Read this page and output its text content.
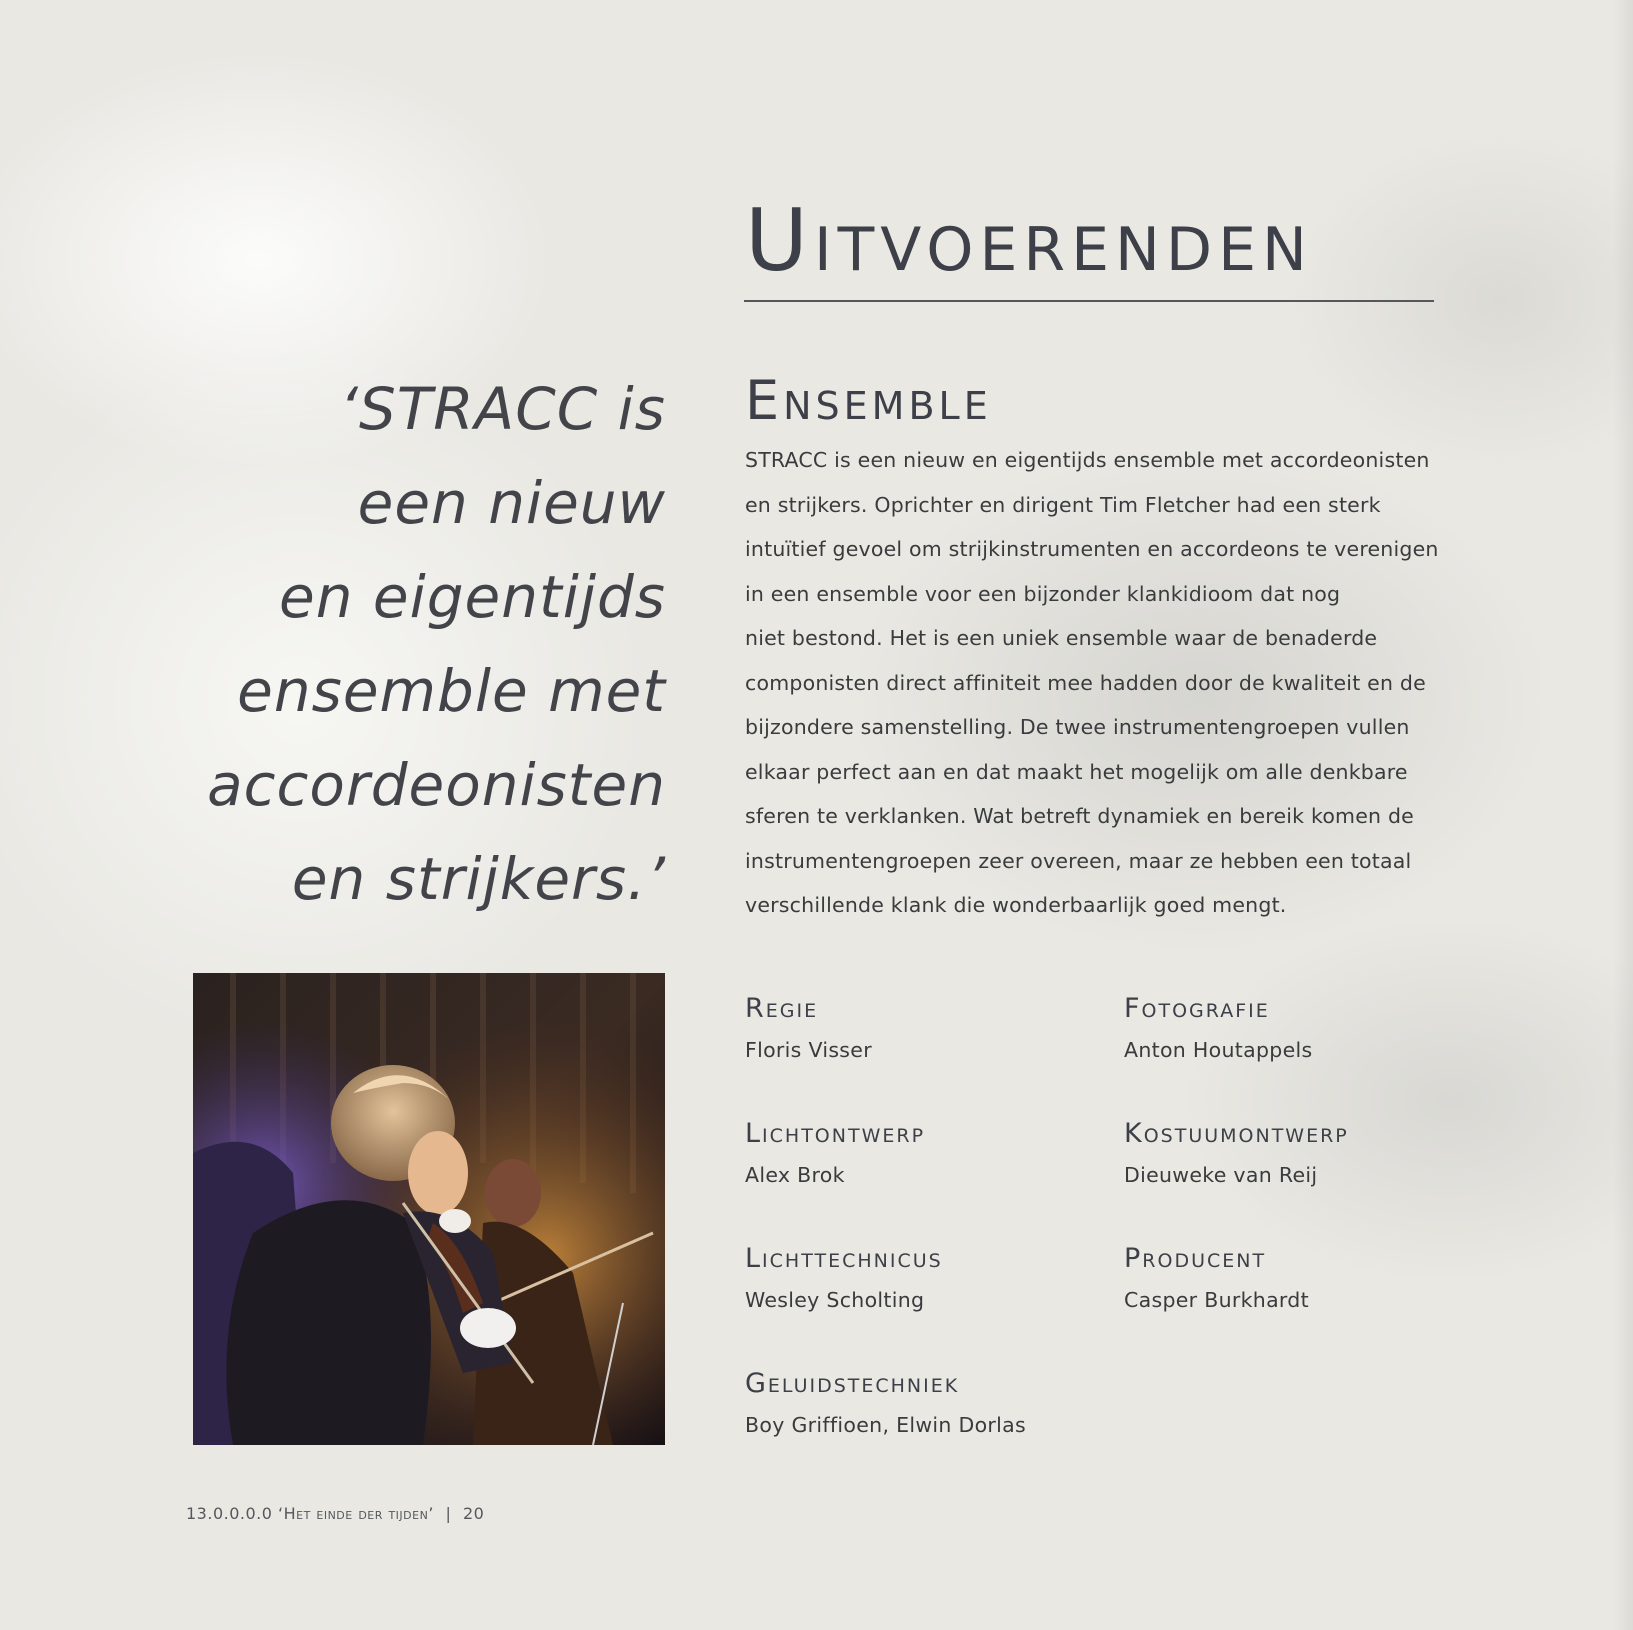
Uitvoerenden

‘STRACC is
een nieuw
en eigentijds
ensemble met
accordeonisten
en strijkers.’

Ensemble

STRACC is een nieuw en eigentijds ensemble met accordeonisten
en strijkers. Oprichter en dirigent Tim Fletcher had een sterk
intuïtief gevoel om strijkinstrumenten en accordeons te verenigen
in een ensemble voor een bijzonder klankidioom dat nog
niet bestond. Het is een uniek ensemble waar de benaderde
componisten direct affiniteit mee hadden door de kwaliteit en de
bijzondere samenstelling. De twee instrumentengroepen vullen
elkaar perfect aan en dat maakt het mogelijk om alle denkbare
sferen te verklanken. Wat betreft dynamiek en bereik komen de
instrumentengroepen zeer overeen, maar ze hebben een totaal
verschillende klank die wonderbaarlijk goed mengt.

Regie
Floris Visser
Fotografie
Anton Houtappels
Lichtontwerp
Alex Brok
Kostuumontwerp
Dieuweke van Reij
Lichttechnicus
Wesley Scholting
Producent
Casper Burkhardt
Geluidstechniek
Boy Griffioen, Elwin Dorlas
13.0.0.0.0 ‘Het einde der tijden’ | 20
